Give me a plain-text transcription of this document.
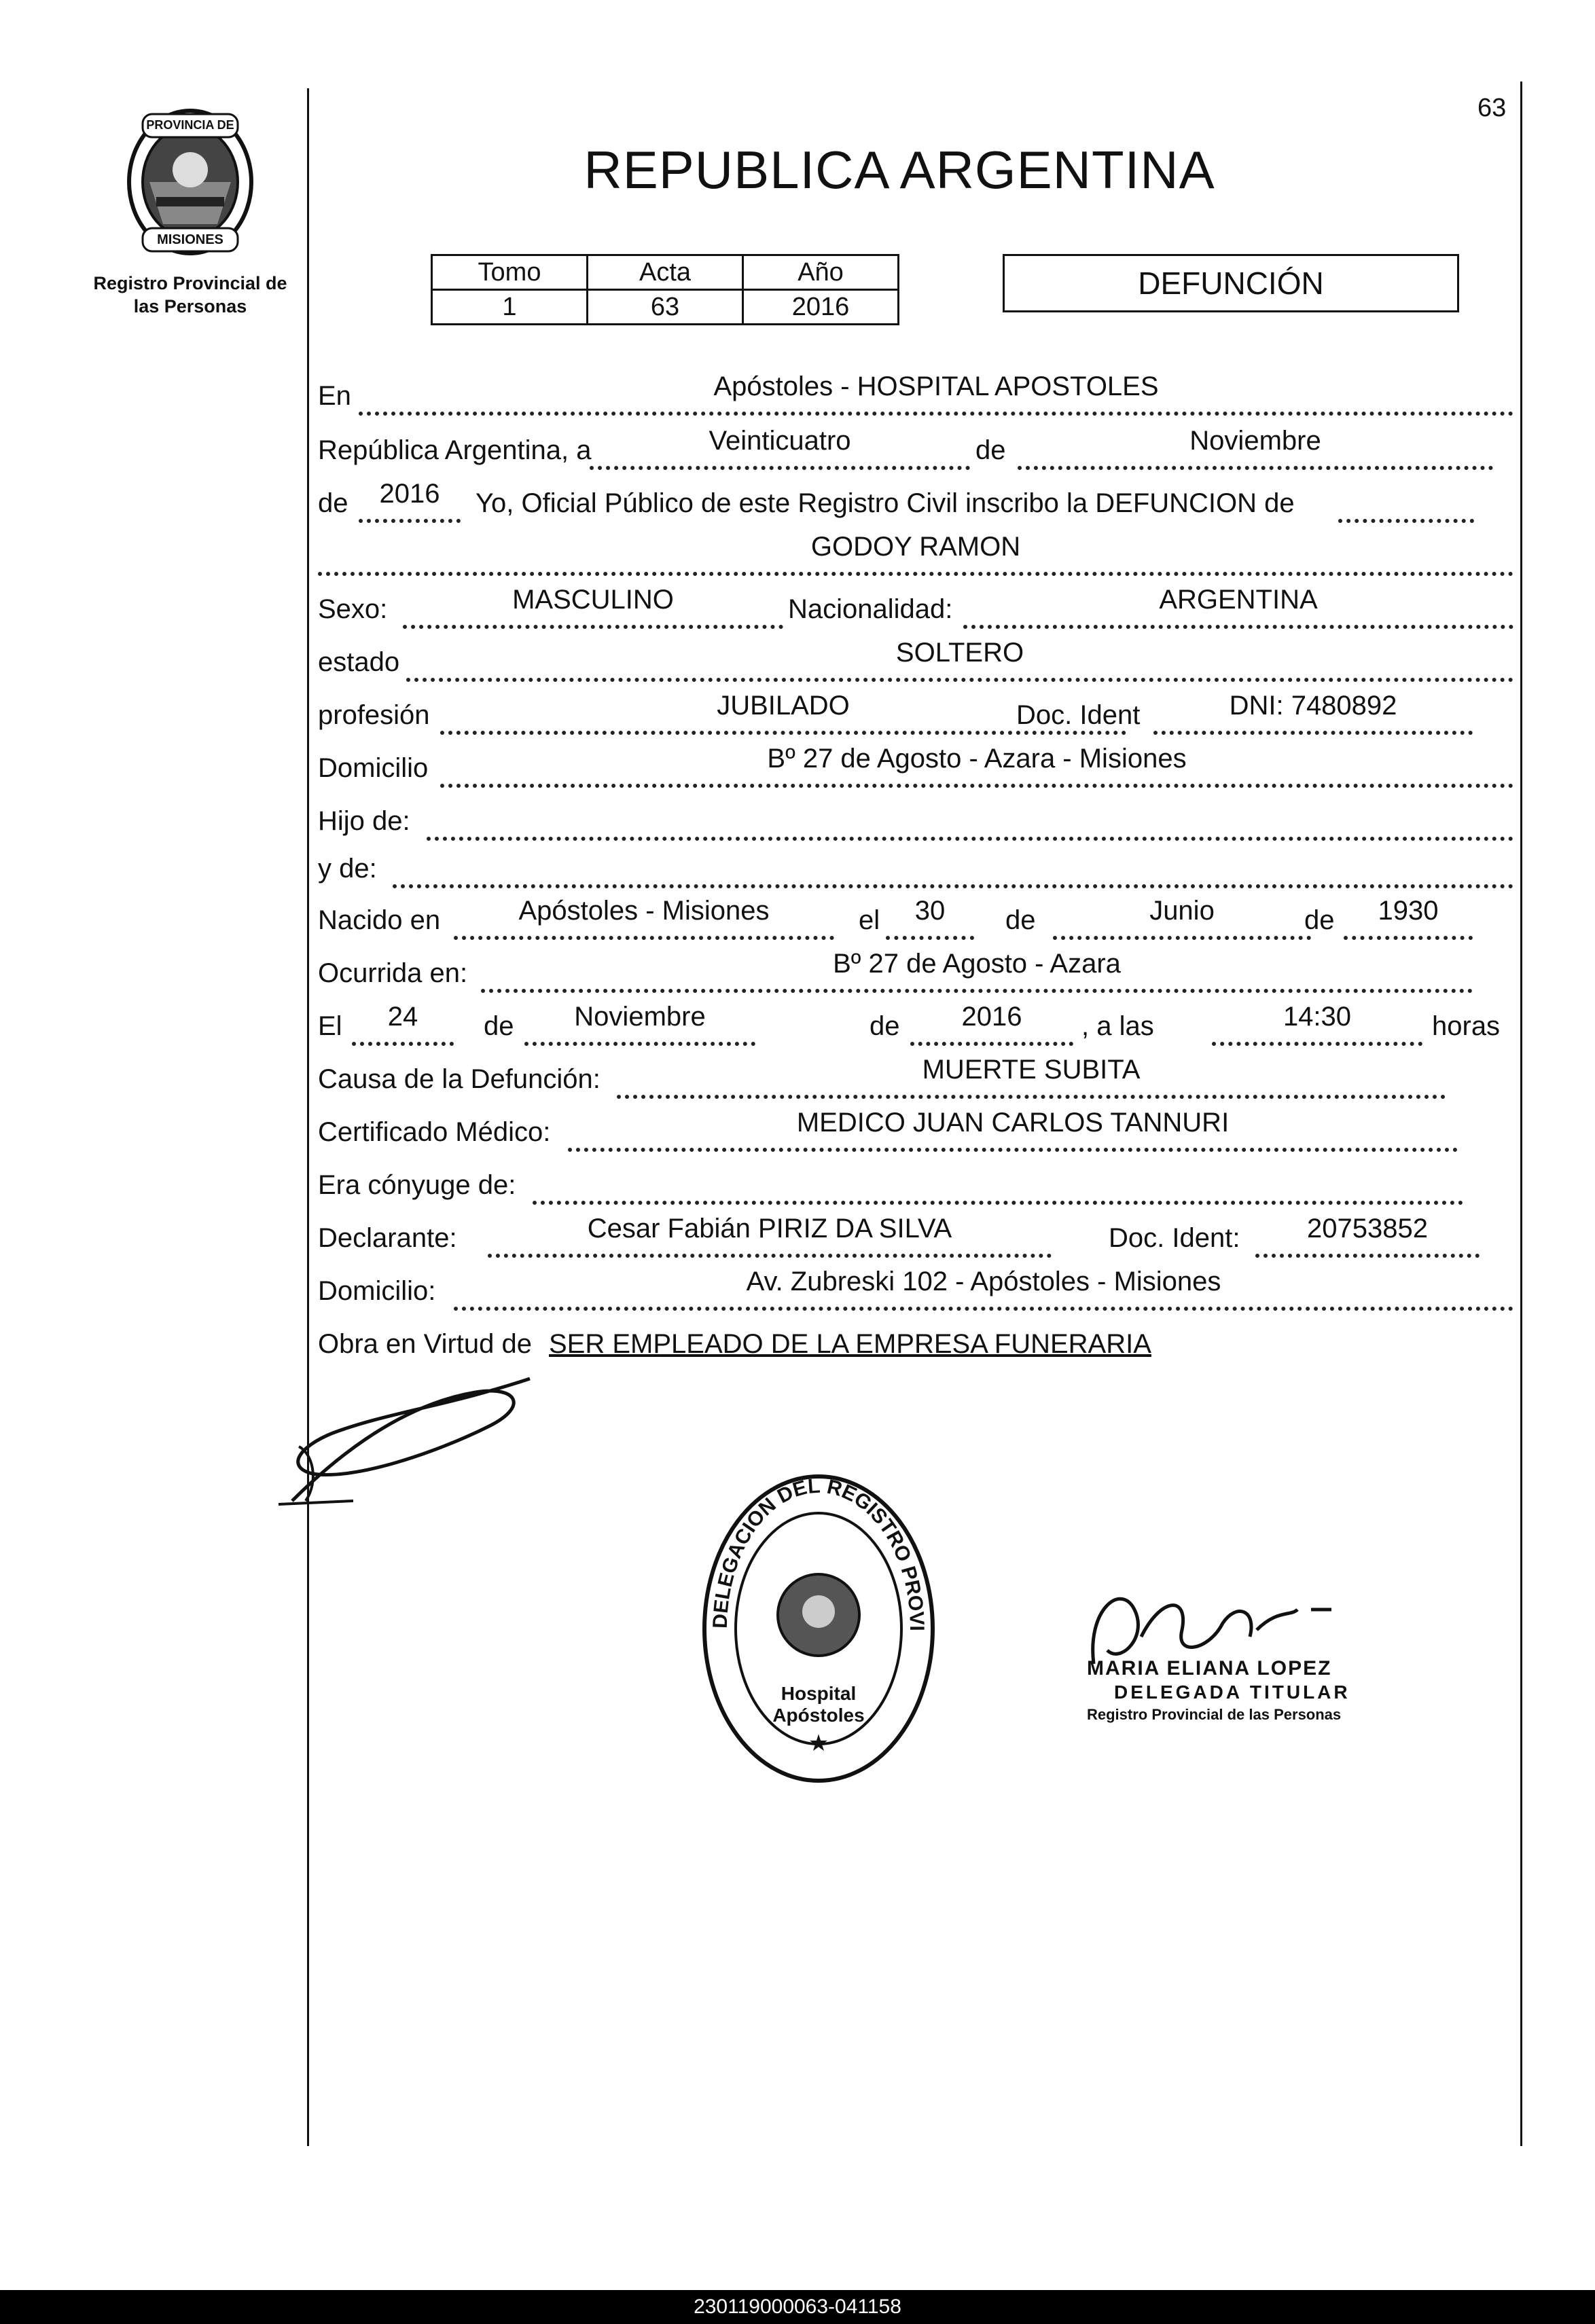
PROVINCIA DE
MISIONES
Registro Provincial de
las Personas
63
REPUBLICA ARGENTINA
Tomo	Acta	Año
1	63	2016
DEFUNCIÓN
En	Apóstoles - HOSPITAL APOSTOLES
República Argentina, a	Veinticuatro	de	Noviembre
de	2016	Yo, Oficial Público de este Registro Civil inscribo la DEFUNCION de
GODOY RAMON
Sexo:	MASCULINO	Nacionalidad:	ARGENTINA
estado	SOLTERO
profesión	JUBILADO	Doc. Ident	DNI: 7480892
Domicilio	Bº 27 de Agosto - Azara - Misiones
Hijo de:
y de:
Nacido en	Apóstoles - Misiones	el	30	de	Junio	de	1930
Ocurrida en:	Bº 27 de Agosto - Azara
El	24	de	Noviembre	de	2016	, a las	14:30	horas
Causa de la Defunción:	MUERTE SUBITA
Certificado Médico:	MEDICO JUAN CARLOS TANNURI
Era cónyuge de:
Declarante:	Cesar Fabián PIRIZ DA SILVA	Doc. Ident:	20753852
Domicilio:	Av. Zubreski 102 - Apóstoles - Misiones
Obra en Virtud de SER EMPLEADO DE LA EMPRESA FUNERARIA
DELEGACION DEL REGISTRO PROVI
★
Hospital Apóstoles
MARIA ELIANA LOPEZ
DELEGADA TITULAR
Registro Provincial de las Personas
230119000063-041158
